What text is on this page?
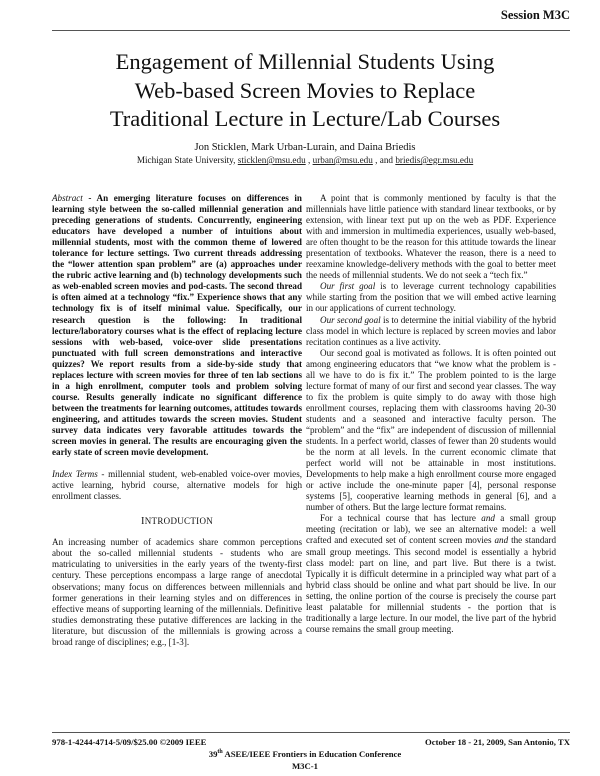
Session M3C
Engagement of Millennial Students Using
Web-based Screen Movies to Replace
Traditional Lecture in Lecture/Lab Courses
Jon Sticklen, Mark Urban-Lurain, and Daina Briedis
Michigan State University, sticklen@msu.edu , urban@msu.edu , and briedis@egr.msu.edu

Abstract - An emerging literature focuses on differences in learning style between the so-called millennial generation and preceding generations of students. Concurrently, engineering educators have developed a number of intuitions about millennial students, most with the common theme of lowered tolerance for lecture settings. Two current threads addressing the “lower attention span problem” are (a) approaches under the rubric active learning and (b) technology developments such as web-enabled screen movies and pod-casts. The second thread is often aimed at a technology “fix.” Experience shows that any technology fix is of itself minimal value. Specifically, our research question is the following: In traditional lecture/laboratory courses what is the effect of replacing lecture sessions with web-based, voice-over slide presentations punctuated with full screen demonstrations and interactive quizzes? We report results from a side-by-side study that replaces lecture with screen movies for three of ten lab sections in a high enrollment, computer tools and problem solving course. Results generally indicate no significant difference between the treatments for learning outcomes, attitudes towards engineering, and attitudes towards the screen movies. Student survey data indicates very favorable attitudes towards the screen movies in general. The results are encouraging given the early state of screen movie development.

Index Terms - millennial student, web-enabled voice-over movies, active learning, hybrid course, alternative models for high enrollment classes.

INTRODUCTION

An increasing number of academics share common perceptions about the so-called millennial students - students who are matriculating to universities in the early years of the twenty-first century. These perceptions encompass a large range of anecdotal observations; many focus on differences between millennials and former generations in their learning styles and on differences in effective means of supporting learning of the millennials. Definitive studies demonstrating these putative differences are lacking in the literature, but discussion of the millennials is growing across a broad range of disciplines; e.g., [1-3].

A point that is commonly mentioned by faculty is that the millennials have little patience with standard linear textbooks, or by extension, with linear text put up on the web as PDF. Experience with and immersion in multimedia experiences, usually web-based, are often thought to be the reason for this attitude towards the linear presentation of textbooks. Whatever the reason, there is a need to reexamine knowledge-delivery methods with the goal to better meet the needs of millennial students. We do not seek a “tech fix.”

Our first goal is to leverage current technology capabilities while starting from the position that we will embed active learning in our applications of current technology.

Our second goal is to determine the initial viability of the hybrid class model in which lecture is replaced by screen movies and labor recitation continues as a live activity.

Our second goal is motivated as follows. It is often pointed out among engineering educators that “we know what the problem is - all we have to do is fix it.” The problem pointed to is the large lecture format of many of our first and second year classes. The way to fix the problem is quite simply to do away with those high enrollment courses, replacing them with classrooms having 20-30 students and a seasoned and interactive faculty person. The “problem” and the “fix” are independent of discussion of millennial students. In a perfect world, classes of fewer than 20 students would be the norm at all levels. In the current economic climate that perfect world will not be attainable in most institutions. Developments to help make a high enrollment course more engaged or active include the one-minute paper [4], personal response systems [5], cooperative learning methods in general [6], and a number of others. But the large lecture format remains.

For a technical course that has lecture and a small group meeting (recitation or lab), we see an alternative model: a well crafted and executed set of content screen movies and the standard small group meetings. This second model is essentially a hybrid class model: part on line, and part live. But there is a twist. Typically it is difficult determine in a principled way what part of a hybrid class should be online and what part should be live. In our setting, the online portion of the course is precisely the course part least palatable for millennial students - the portion that is traditionally a large lecture. In our model, the live part of the hybrid course remains the small group meeting.

978-1-4244-4714-5/09/$25.00 ©2009 IEEE	October 18 - 21, 2009, San Antonio, TX
39th ASEE/IEEE Frontiers in Education Conference
M3C-1
